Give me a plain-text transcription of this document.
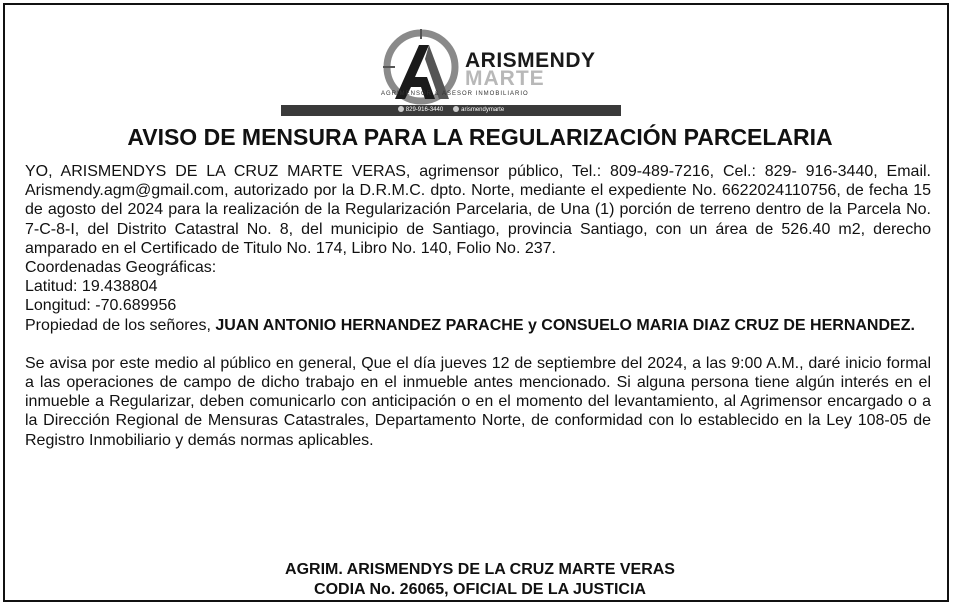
ARISMENDY
MARTE
AGRIMENSOR & ASESOR INMOBILIARIO
829-916-3440	arismendymarte
AVISO DE MENSURA PARA LA REGULARIZACIÓN PARCELARIA

YO, ARISMENDYS DE LA CRUZ MARTE VERAS, agrimensor público, Tel.: 809-489-7216, Cel.: 829- 916-3440, Email. Arismendy.agm@gmail.com, autorizado por la D.R.M.C. dpto. Norte, mediante el expediente No. 6622024110756, de fecha 15 de agosto del 2024 para la realización de la Regularización Parcelaria, de Una (1) porción de terreno dentro de la Parcela No. 7-C-8-I, del Distrito Catastral No. 8, del municipio de Santiago, provincia Santiago, con un área de 526.40 m2, derecho amparado en el Certificado de Titulo No. 174, Libro No. 140, Folio No. 237.

Coordenadas Geográficas:
Latitud: 19.438804
Longitud: -70.689956

Propiedad de los señores, JUAN ANTONIO HERNANDEZ PARACHE y CONSUELO MARIA DIAZ CRUZ DE HERNANDEZ.

Se avisa por este medio al público en general, Que el día jueves 12 de septiembre del 2024, a las 9:00 A.M., daré inicio formal a las operaciones de campo de dicho trabajo en el inmueble antes mencionado. Si alguna persona tiene algún interés en el inmueble a Regularizar, deben comunicarlo con anticipación o en el momento del levantamiento, al Agrimensor encargado o a la Dirección Regional de Mensuras Catastrales, Departamento Norte, de conformidad con lo establecido en la Ley 108-05 de Registro Inmobiliario y demás normas aplicables.

AGRIM. ARISMENDYS DE LA CRUZ MARTE VERAS
CODIA No. 26065, OFICIAL DE LA JUSTICIA
